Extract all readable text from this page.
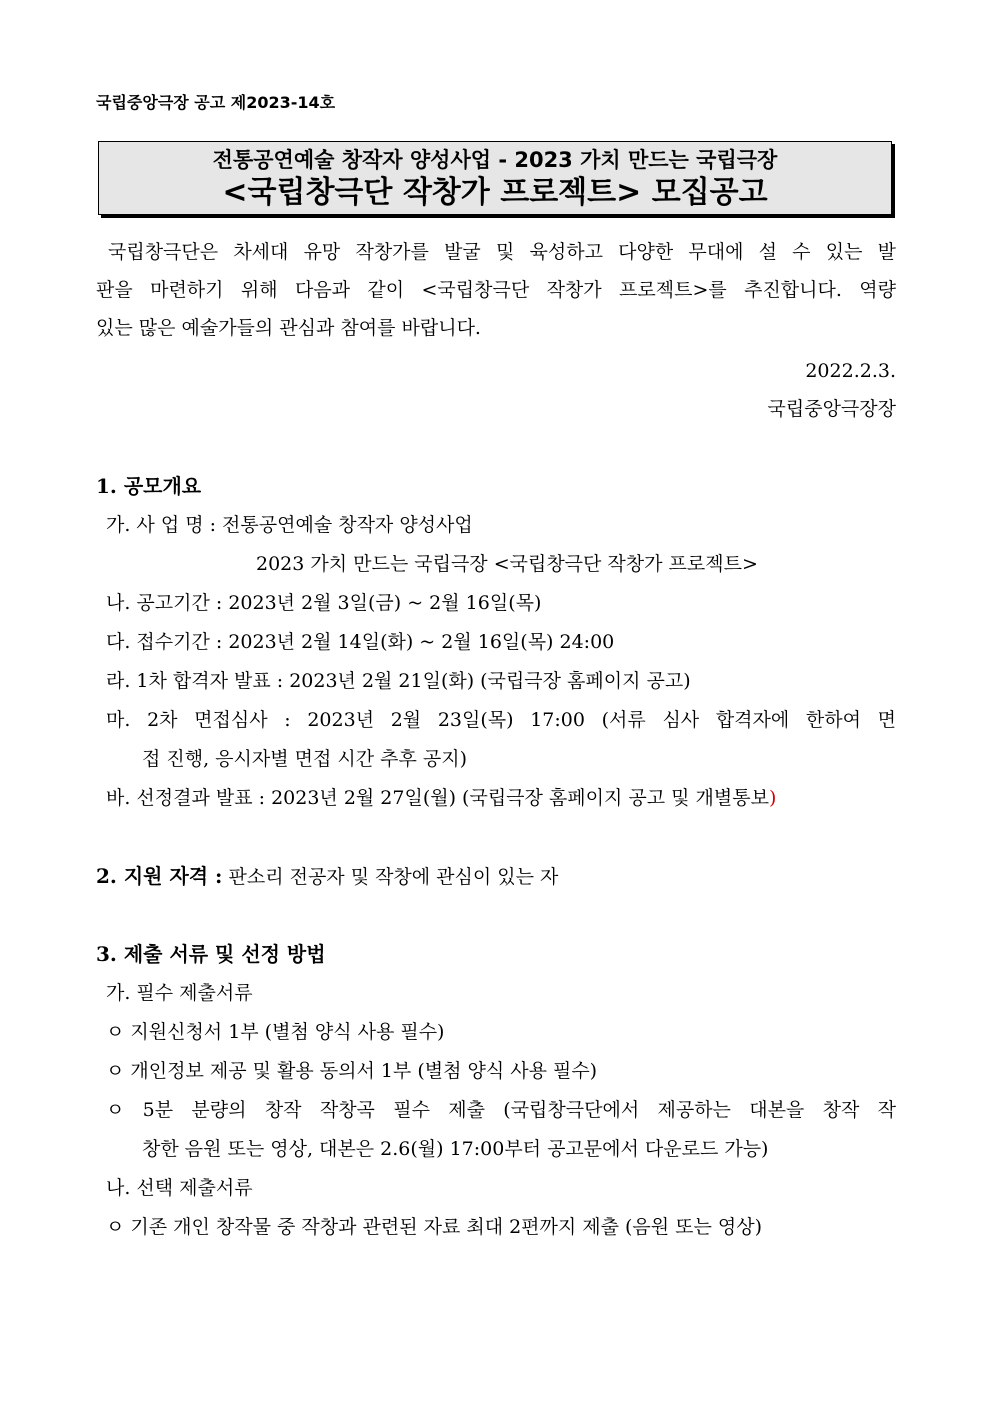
국립중앙극장 공고 제2023-14호
전통공연예술 창작자 양성사업 - 2023 가치 만드는 국립극장
<국립창극단 작창가 프로젝트> 모집공고
국립창극단은 차세대 유망 작창가를 발굴 및 육성하고 다양한 무대에 설 수 있는 발
판을 마련하기 위해 다음과 같이 <국립창극단 작창가 프로젝트>를 추진합니다. 역량
있는 많은 예술가들의 관심과 참여를 바랍니다.
2022.2.3.
국립중앙극장장
1. 공모개요
가. 사 업 명 : 전통공연예술 창작자 양성사업
2023 가치 만드는 국립극장 <국립창극단 작창가 프로젝트>
나. 공고기간 : 2023년 2월 3일(금) ~ 2월 16일(목)
다. 접수기간 : 2023년 2월 14일(화) ~ 2월 16일(목) 24:00
라. 1차 합격자 발표 : 2023년 2월 21일(화) (국립극장 홈페이지 공고)
마. 2차 면접심사 : 2023년 2월 23일(목) 17:00 (서류 심사 합격자에 한하여 면
접 진행, 응시자별 면접 시간 추후 공지)
바. 선정결과 발표 : 2023년 2월 27일(월) (국립극장 홈페이지 공고 및 개별통보)
2. 지원 자격 : 판소리 전공자 및 작창에 관심이 있는 자
3. 제출 서류 및 선정 방법
가. 필수 제출서류
ㅇ 지원신청서 1부 (별첨 양식 사용 필수)
ㅇ 개인정보 제공 및 활용 동의서 1부 (별첨 양식 사용 필수)
ㅇ 5분 분량의 창작 작창곡 필수 제출 (국립창극단에서 제공하는 대본을 창작 작
창한 음원 또는 영상, 대본은 2.6(월) 17:00부터 공고문에서 다운로드 가능)
나. 선택 제출서류
ㅇ 기존 개인 창작물 중 작창과 관련된 자료 최대 2편까지 제출 (음원 또는 영상)
